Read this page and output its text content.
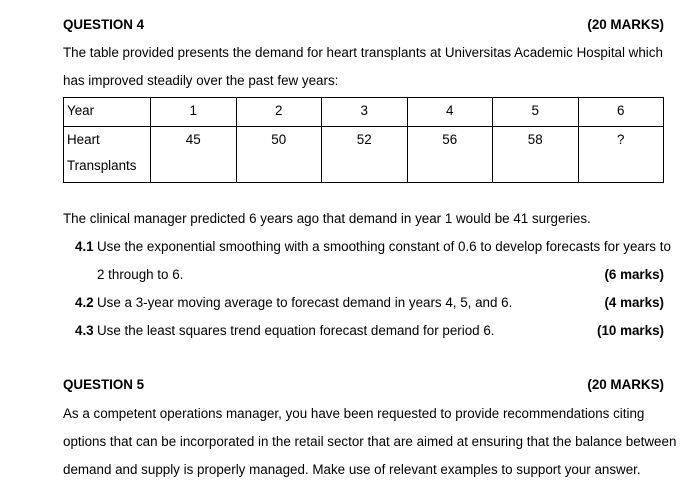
QUESTION 4	(20 MARKS)
The table provided presents the demand for heart transplants at Universitas Academic Hospital which
has improved steadily over the past few years:
Year	1	2	3	4	5	6

Heart
Transplants	45	50	52	56	58	?
The clinical manager predicted 6 years ago that demand in year 1 would be 41 surgeries.
4.1 Use the exponential smoothing with a smoothing constant of 0.6 to develop forecasts for years to
2 through to 6.	(6 marks)
4.2 Use a 3-year moving average to forecast demand in years 4, 5, and 6.	(4 marks)
4.3 Use the least squares trend equation forecast demand for period 6.	(10 marks)
QUESTION 5	(20 MARKS)
As a competent operations manager, you have been requested to provide recommendations citing
options that can be incorporated in the retail sector that are aimed at ensuring that the balance between
demand and supply is properly managed. Make use of relevant examples to support your answer.
